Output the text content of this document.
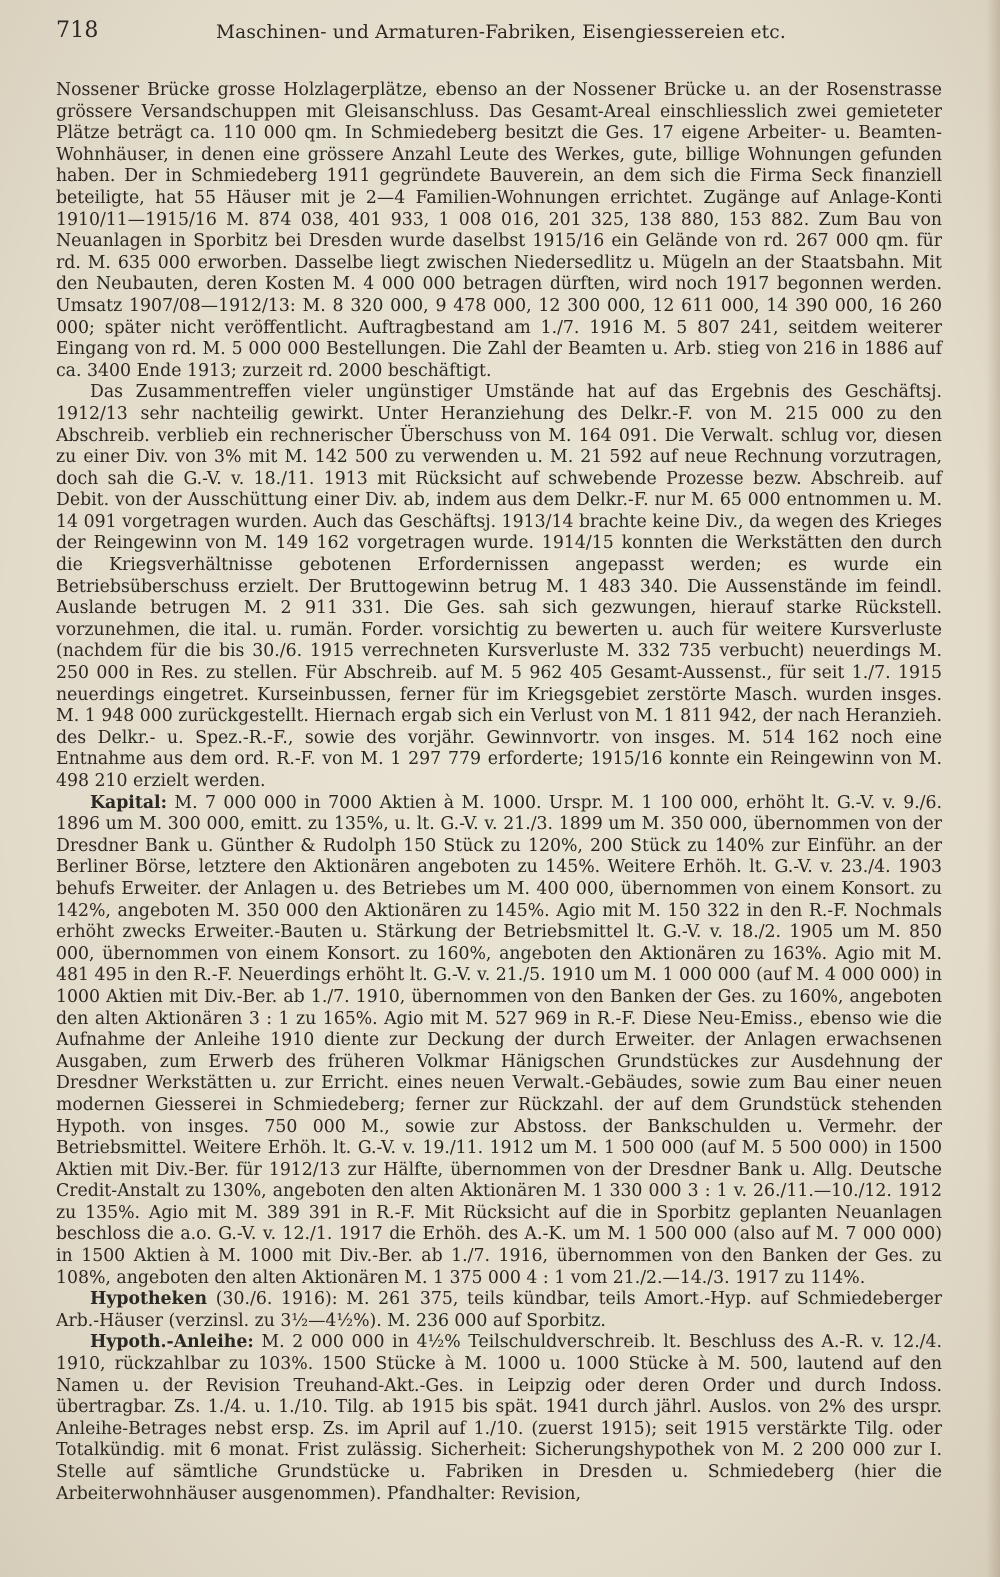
718	Maschinen- und Armaturen-Fabriken, Eisengiessereien etc.

Nossener Brücke grosse Holzlagerplätze, ebenso an der Nossener Brücke u. an der Rosenstrasse grössere Versandschuppen mit Gleisanschluss. Das Gesamt-Areal einschliesslich zwei gemieteter Plätze beträgt ca. 110 000 qm. In Schmiedeberg besitzt die Ges. 17 eigene Arbeiter- u. Beamten-Wohnhäuser, in denen eine grössere Anzahl Leute des Werkes, gute, billige Wohnungen gefunden haben. Der in Schmiedeberg 1911 gegründete Bauverein, an dem sich die Firma Seck finanziell beteiligte, hat 55 Häuser mit je 2—4 Familien-Wohnungen errichtet. Zugänge auf Anlage-Konti 1910/11—1915/16 M. 874 038, 401 933, 1 008 016, 201 325, 138 880, 153 882. Zum Bau von Neuanlagen in Sporbitz bei Dresden wurde daselbst 1915/16 ein Gelände von rd. 267 000 qm. für rd. M. 635 000 erworben. Dasselbe liegt zwischen Niedersedlitz u. Mügeln an der Staatsbahn. Mit den Neubauten, deren Kosten M. 4 000 000 betragen dürften, wird noch 1917 begonnen werden. Umsatz 1907/08—1912/13: M. 8 320 000, 9 478 000, 12 300 000, 12 611 000, 14 390 000, 16 260 000; später nicht veröffentlicht. Auftragbestand am 1./7. 1916 M. 5 807 241, seitdem weiterer Eingang von rd. M. 5 000 000 Bestellungen. Die Zahl der Beamten u. Arb. stieg von 216 in 1886 auf ca. 3400 Ende 1913; zurzeit rd. 2000 beschäftigt.

Das Zusammentreffen vieler ungünstiger Umstände hat auf das Ergebnis des Geschäftsj. 1912/13 sehr nachteilig gewirkt. Unter Heranziehung des Delkr.-F. von M. 215 000 zu den Abschreib. verblieb ein rechnerischer Überschuss von M. 164 091. Die Verwalt. schlug vor, diesen zu einer Div. von 3% mit M. 142 500 zu verwenden u. M. 21 592 auf neue Rechnung vorzutragen, doch sah die G.-V. v. 18./11. 1913 mit Rücksicht auf schwebende Prozesse bezw. Abschreib. auf Debit. von der Ausschüttung einer Div. ab, indem aus dem Delkr.-F. nur M. 65 000 entnommen u. M. 14 091 vorgetragen wurden. Auch das Geschäftsj. 1913/14 brachte keine Div., da wegen des Krieges der Reingewinn von M. 149 162 vorgetragen wurde. 1914/15 konnten die Werkstätten den durch die Kriegsverhältnisse gebotenen Erfordernissen angepasst werden; es wurde ein Betriebsüberschuss erzielt. Der Bruttogewinn betrug M. 1 483 340. Die Aussenstände im feindl. Auslande betrugen M. 2 911 331. Die Ges. sah sich gezwungen, hierauf starke Rückstell. vorzunehmen, die ital. u. rumän. Forder. vorsichtig zu bewerten u. auch für weitere Kursverluste (nachdem für die bis 30./6. 1915 verrechneten Kursverluste M. 332 735 verbucht) neuerdings M. 250 000 in Res. zu stellen. Für Abschreib. auf M. 5 962 405 Gesamt-Aussenst., für seit 1./7. 1915 neuerdings eingetret. Kurseinbussen, ferner für im Kriegsgebiet zerstörte Masch. wurden insges. M. 1 948 000 zurückgestellt. Hiernach ergab sich ein Verlust von M. 1 811 942, der nach Heranzieh. des Delkr.- u. Spez.-R.-F., sowie des vorjähr. Gewinnvortr. von insges. M. 514 162 noch eine Entnahme aus dem ord. R.-F. von M. 1 297 779 erforderte; 1915/16 konnte ein Reingewinn von M. 498 210 erzielt werden.

Kapital: M. 7 000 000 in 7000 Aktien à M. 1000. Urspr. M. 1 100 000, erhöht lt. G.-V. v. 9./6. 1896 um M. 300 000, emitt. zu 135%, u. lt. G.-V. v. 21./3. 1899 um M. 350 000, übernommen von der Dresdner Bank u. Günther & Rudolph 150 Stück zu 120%, 200 Stück zu 140% zur Einführ. an der Berliner Börse, letztere den Aktionären angeboten zu 145%. Weitere Erhöh. lt. G.-V. v. 23./4. 1903 behufs Erweiter. der Anlagen u. des Betriebes um M. 400 000, übernommen von einem Konsort. zu 142%, angeboten M. 350 000 den Aktionären zu 145%. Agio mit M. 150 322 in den R.-F. Nochmals erhöht zwecks Erweiter.-Bauten u. Stärkung der Betriebsmittel lt. G.-V. v. 18./2. 1905 um M. 850 000, übernommen von einem Konsort. zu 160%, angeboten den Aktionären zu 163%. Agio mit M. 481 495 in den R.-F. Neuerdings erhöht lt. G.-V. v. 21./5. 1910 um M. 1 000 000 (auf M. 4 000 000) in 1000 Aktien mit Div.-Ber. ab 1./7. 1910, übernommen von den Banken der Ges. zu 160%, angeboten den alten Aktionären 3 : 1 zu 165%. Agio mit M. 527 969 in R.-F. Diese Neu-Emiss., ebenso wie die Aufnahme der Anleihe 1910 diente zur Deckung der durch Erweiter. der Anlagen erwachsenen Ausgaben, zum Erwerb des früheren Volkmar Hänigschen Grundstückes zur Ausdehnung der Dresdner Werkstätten u. zur Erricht. eines neuen Verwalt.-Gebäudes, sowie zum Bau einer neuen modernen Giesserei in Schmiedeberg; ferner zur Rückzahl. der auf dem Grundstück stehenden Hypoth. von insges. 750 000 M., sowie zur Abstoss. der Bankschulden u. Vermehr. der Betriebsmittel. Weitere Erhöh. lt. G.-V. v. 19./11. 1912 um M. 1 500 000 (auf M. 5 500 000) in 1500 Aktien mit Div.-Ber. für 1912/13 zur Hälfte, übernommen von der Dresdner Bank u. Allg. Deutsche Credit-Anstalt zu 130%, angeboten den alten Aktionären M. 1 330 000 3 : 1 v. 26./11.—10./12. 1912 zu 135%. Agio mit M. 389 391 in R.-F. Mit Rücksicht auf die in Sporbitz geplanten Neuanlagen beschloss die a.o. G.-V. v. 12./1. 1917 die Erhöh. des A.-K. um M. 1 500 000 (also auf M. 7 000 000) in 1500 Aktien à M. 1000 mit Div.-Ber. ab 1./7. 1916, übernommen von den Banken der Ges. zu 108%, angeboten den alten Aktionären M. 1 375 000 4 : 1 vom 21./2.—14./3. 1917 zu 114%.

Hypotheken (30./6. 1916): M. 261 375, teils kündbar, teils Amort.-Hyp. auf Schmiedeberger Arb.-Häuser (verzinsl. zu 3½—4½%). M. 236 000 auf Sporbitz.

Hypoth.-Anleihe: M. 2 000 000 in 4½% Teilschuldverschreib. lt. Beschluss des A.-R. v. 12./4. 1910, rückzahlbar zu 103%. 1500 Stücke à M. 1000 u. 1000 Stücke à M. 500, lautend auf den Namen u. der Revision Treuhand-Akt.-Ges. in Leipzig oder deren Order und durch Indoss. übertragbar. Zs. 1./4. u. 1./10. Tilg. ab 1915 bis spät. 1941 durch jährl. Auslos. von 2% des urspr. Anleihe-Betrages nebst ersp. Zs. im April auf 1./10. (zuerst 1915); seit 1915 verstärkte Tilg. oder Totalkündig. mit 6 monat. Frist zulässig. Sicherheit: Sicherungshypothek von M. 2 200 000 zur I. Stelle auf sämtliche Grundstücke u. Fabriken in Dresden u. Schmiedeberg (hier die Arbeiterwohnhäuser ausgenommen). Pfandhalter: Revision,
